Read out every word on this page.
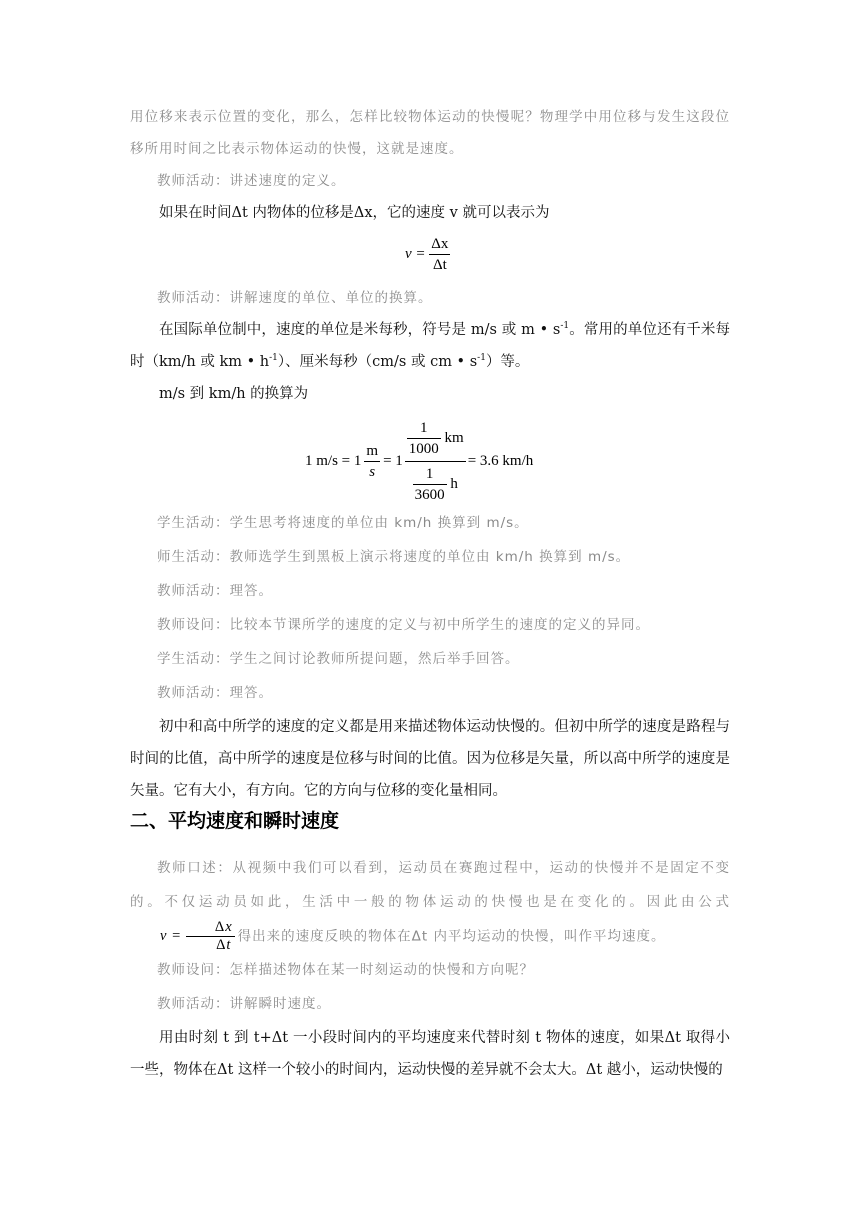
用位移来表示位置的变化，那么，怎样比较物体运动的快慢呢？物理学中用位移与发生这段位移所用时间之比表示物体运动的快慢，这就是速度。
教师活动：讲述速度的定义。
如果在时间Δt 内物体的位移是Δx，它的速度 v 就可以表示为
$v = \frac{\Delta x}{\Delta t}$
教师活动：讲解速度的单位、单位的换算。
在国际单位制中，速度的单位是米每秒，符号是 m/s 或 m • $s^{-1}$。常用的单位还有千米每时（km/h 或 km • $h^{-1}$）、厘米每秒（cm/s 或 cm • $s^{-1}$）等。
m/s 到 km/h 的换算为
1 $m/s = 1 \frac{m}{s} = 1 \frac{\frac{1}{1000} km}{\frac{1}{3600} h} = 3.6$ km/h
学生活动：学生思考将速度的单位由 km/h 换算到 m/s。
师生活动：教师选学生到黑板上演示将速度的单位由 km/h 换算到 m/s。
教师活动：理答。
教师设问：比较本节课所学的速度的定义与初中所学生的速度的定义的异同。
学生活动：学生之间讨论教师所提问题，然后举手回答。
教师活动：理答。
初中和高中所学的速度的定义都是用来描述物体运动快慢的。但初中所学的速度是路程与时间的比值，高中所学的速度是位移与时间的比值。因为位移是矢量，所以高中所学的速度是矢量。它有大小，有方向。它的方向与位移的变化量相同。
二、平均速度和瞬时速度
教师口述：从视频中我们可以看到，运动员在赛跑过程中，运动的快慢并不是固定不变的。不仅运动员如此，生活中一般的物体运动的快慢也是在变化的。因此由公式$v = \frac{\Delta x}{\Delta t}$ 得出来的速度反映的物体在Δt 内平均运动的快慢，叫作平均速度。
教师设问：怎样描述物体在某一时刻运动的快慢和方向呢？
教师活动：讲解瞬时速度。
用由时刻 t 到 t+Δt 一小段时间内的平均速度来代替时刻 t 物体的速度，如果Δt 取得小一些，物体在Δt 这样一个较小的时间内，运动快慢的差异就不会太大。Δt 越小，运动快慢的
